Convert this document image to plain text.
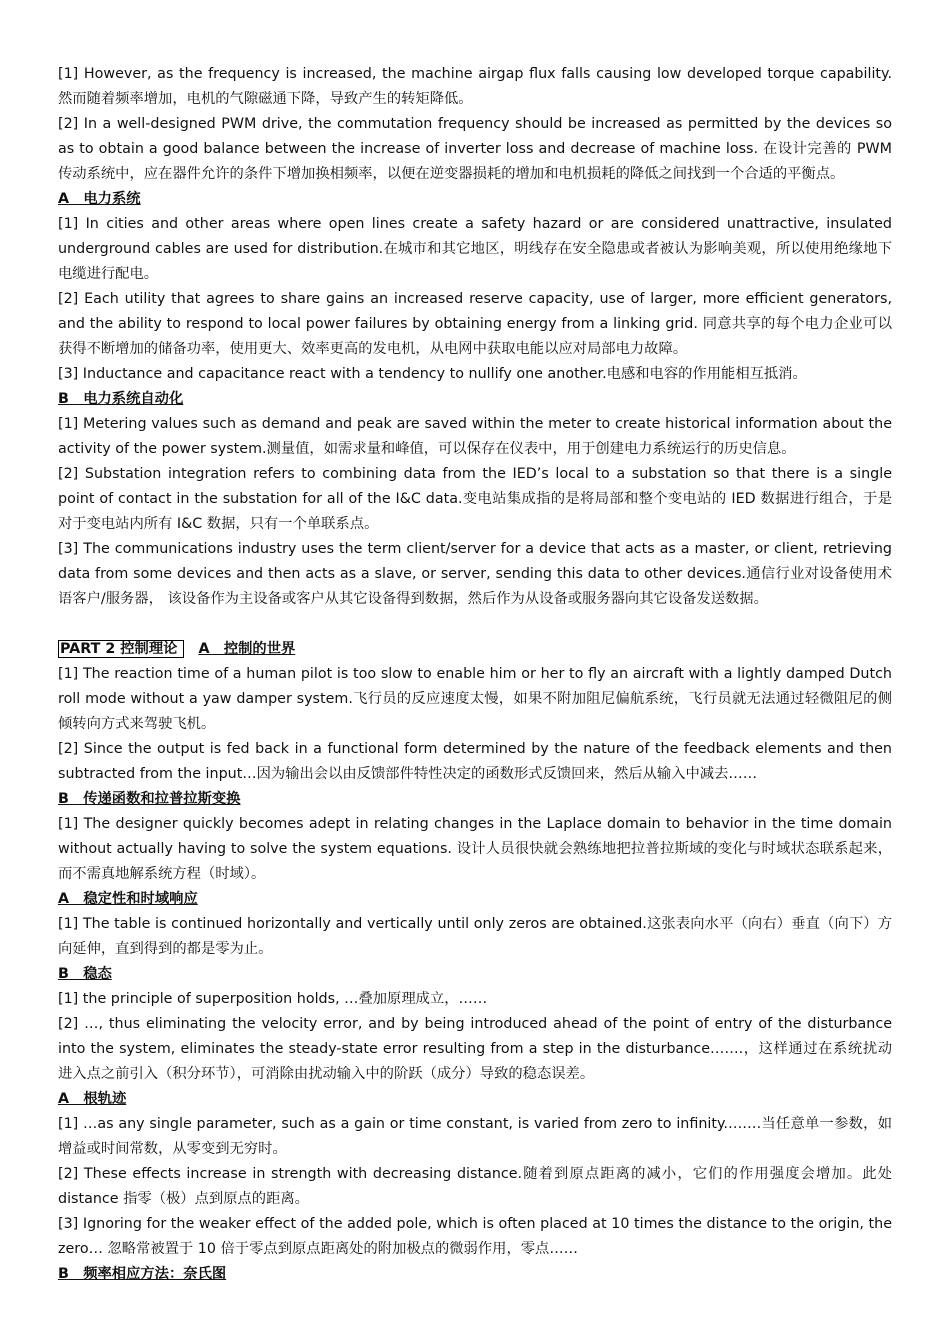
[1] However, as the frequency is increased, the machine airgap flux falls causing low developed torque capability. 然而随着频率增加，电机的气隙磁通下降，导致产生的转矩降低。

[2] In a well-designed PWM drive, the commutation frequency should be increased as permitted by the devices so as to obtain a good balance between the increase of inverter loss and decrease of machine loss. 在设计完善的 PWM 传动系统中，应在器件允许的条件下增加换相频率，以便在逆变器损耗的增加和电机损耗的降低之间找到一个合适的平衡点。

A　电力系统

[1] In cities and other areas where open lines create a safety hazard or are considered unattractive, insulated underground cables are used for distribution.在城市和其它地区，明线存在安全隐患或者被认为影响美观，所以使用绝缘地下电缆进行配电。

[2] Each utility that agrees to share gains an increased reserve capacity, use of larger, more efficient generators, and the ability to respond to local power failures by obtaining energy from a linking grid. 同意共享的每个电力企业可以获得不断增加的储备功率，使用更大、效率更高的发电机，从电网中获取电能以应对局部电力故障。

[3] Inductance and capacitance react with a tendency to nullify one another.电感和电容的作用能相互抵消。

B　电力系统自动化

[1] Metering values such as demand and peak are saved within the meter to create historical information about the activity of the power system.测量值，如需求量和峰值，可以保存在仪表中，用于创建电力系统运行的历史信息。

[2] Substation integration refers to combining data from the IED’s local to a substation so that there is a single point of contact in the substation for all of the I&C data.变电站集成指的是将局部和整个变电站的 IED 数据进行组合，于是对于变电站内所有 I&C 数据，只有一个单联系点。

[3] The communications industry uses the term client/server for a device that acts as a master, or client, retrieving data from some devices and then acts as a slave, or server, sending this data to other devices.通信行业对设备使用术语客户/服务器， 该设备作为主设备或客户从其它设备得到数据，然后作为从设备或服务器向其它设备发送数据。

PART 2 控制理论 A　控制的世界

[1] The reaction time of a human pilot is too slow to enable him or her to fly an aircraft with a lightly damped Dutch roll mode without a yaw damper system.飞行员的反应速度太慢，如果不附加阻尼偏航系统，飞行员就无法通过轻微阻尼的侧倾转向方式来驾驶飞机。

[2] Since the output is fed back in a functional form determined by the nature of the feedback elements and then subtracted from the input…因为输出会以由反馈部件特性决定的函数形式反馈回来，然后从输入中减去……

B　传递函数和拉普拉斯变换

[1] The designer quickly becomes adept in relating changes in the Laplace domain to behavior in the time domain without actually having to solve the system equations. 设计人员很快就会熟练地把拉普拉斯域的变化与时域状态联系起来，而不需真地解系统方程（时域）。

A　稳定性和时域响应

[1] The table is continued horizontally and vertically until only zeros are obtained.这张表向水平（向右）垂直（向下）方向延伸，直到得到的都是零为止。

B　稳态

[1] the principle of superposition holds, …叠加原理成立，……

[2] …, thus eliminating the velocity error, and by being introduced ahead of the point of entry of the disturbance into the system, eliminates the steady-state error resulting from a step in the disturbance…….，这样通过在系统扰动进入点之前引入（积分环节），可消除由扰动输入中的阶跃（成分）导致的稳态误差。

A　根轨迹

[1] …as any single parameter, such as a gain or time constant, is varied from zero to infinity.…….当任意单一参数，如增益或时间常数，从零变到无穷时。

[2] These effects increase in strength with decreasing distance.随着到原点距离的减小，它们的作用强度会增加。此处 distance 指零（极）点到原点的距离。

[3] Ignoring for the weaker effect of the added pole, which is often placed at 10 times the distance to the origin, the zero… 忽略常被置于 10 倍于零点到原点距离处的附加极点的微弱作用，零点……

B　频率相应方法：奈氏图
